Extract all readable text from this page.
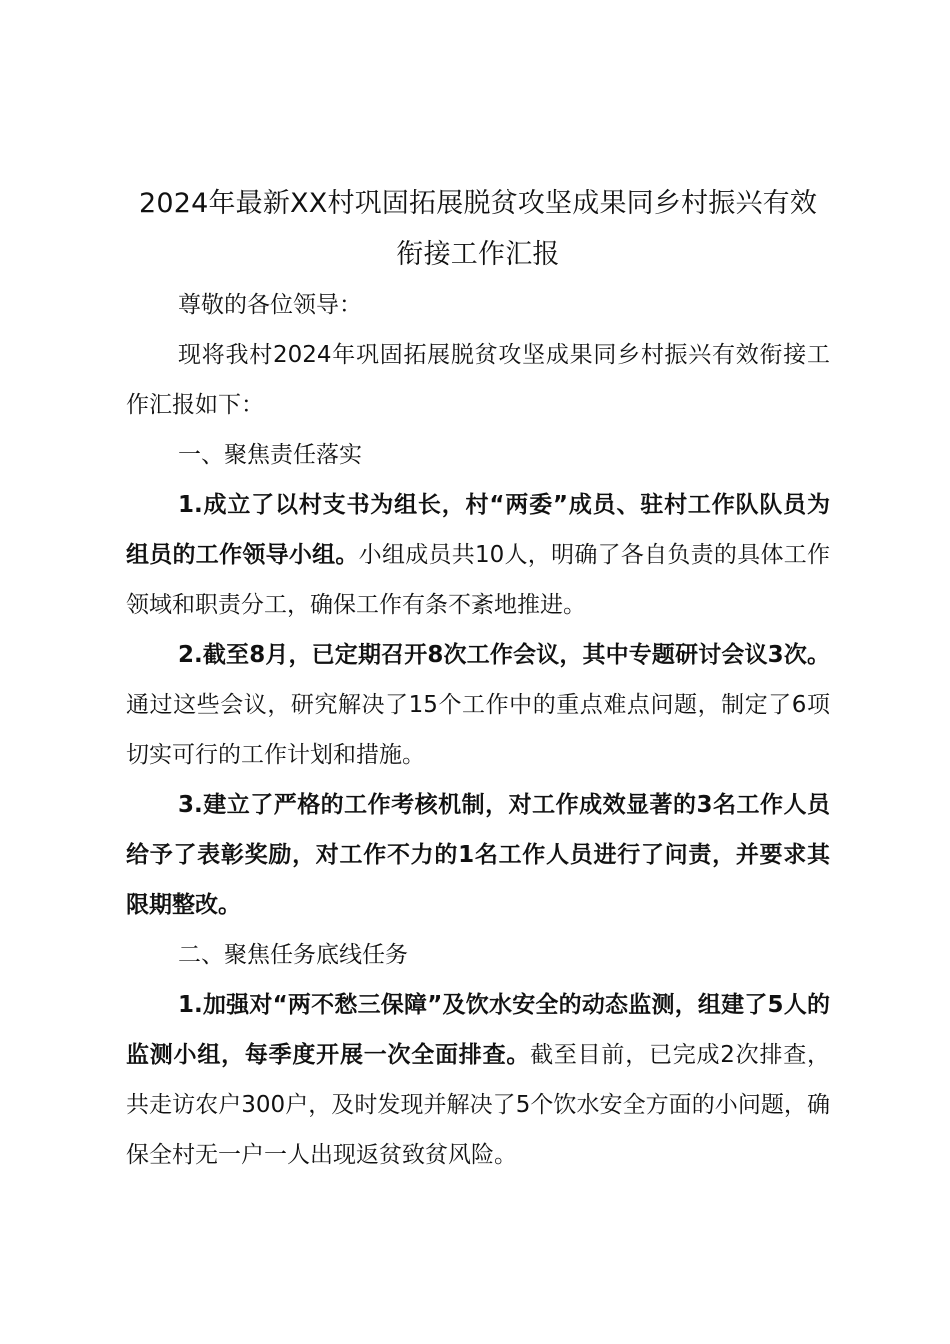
2024年最新XX村巩固拓展脱贫攻坚成果同乡村振兴有效衔接工作汇报

尊敬的各位领导：

现将我村2024年巩固拓展脱贫攻坚成果同乡村振兴有效衔接工作汇报如下：

一、聚焦责任落实

1.成立了以村支书为组长，村“两委”成员、驻村工作队队员为组员的工作领导小组。小组成员共10人，明确了各自负责的具体工作领域和职责分工，确保工作有条不紊地推进。

2.截至8月，已定期召开8次工作会议，其中专题研讨会议3次。通过这些会议，研究解决了15个工作中的重点难点问题，制定了6项切实可行的工作计划和措施。

3.建立了严格的工作考核机制，对工作成效显著的3名工作人员给予了表彰奖励，对工作不力的1名工作人员进行了问责，并要求其限期整改。

二、聚焦任务底线任务

1.加强对“两不愁三保障”及饮水安全的动态监测，组建了5人的监测小组，每季度开展一次全面排查。截至目前，已完成2次排查，共走访农户300户，及时发现并解决了5个饮水安全方面的小问题，确保全村无一户一人出现返贫致贫风险。
